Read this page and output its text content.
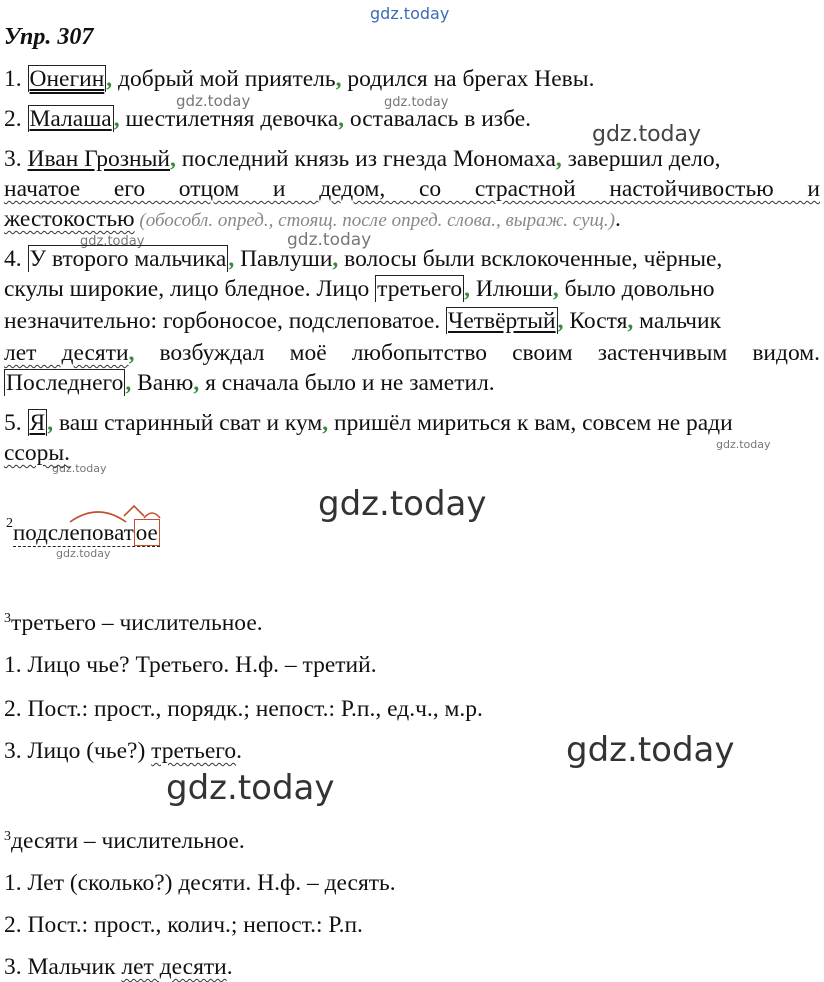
gdz.today
gdz.today	gdz.today
gdz.today
gdz.today	gdz.today
gdz.today
gdz.today
gdz.today
gdz.today
gdz.today
gdz.today
Упр. 307
1. Онегин, добрый мой приятель, родился на брегах Невы.
2. Малаша, шестилетняя девочка, оставалась в избе.
3. Иван Грозный, последний князь из гнезда Мономаха, завершил дело,
начатое его отцом и дедом, со страстной настойчивостью и
жестокостью (обособл. опред., стоящ. после опред. слова., выраж. сущ.).
4. У второго мальчика, Павлуши, волосы были всклокоченные, чёрные,
скулы широкие, лицо бледное. Лицо третьего, Илюши, было довольно
незначительно: горбоносое, подслеповатое. Четвёртый, Костя, мальчик
лет десяти, возбуждал моё любопытство своим застенчивым видом.
Последнего, Ваню, я сначала было и не заметил.
5. Я, ваш старинный сват и кум, пришёл мириться к вам, совсем не ради
ссоры.
$^2$подслеповатое
$^3$третьего – числительное.
1. Лицо чье? Третьего. Н.ф. – третий.
2. Пост.: прост., порядк.; непост.: Р.п., ед.ч., м.р.
3. Лицо (чье?) третьего.
$^3$десяти – числительное.
1. Лет (сколько?) десяти. Н.ф. – десять.
2. Пост.: прост., колич.; непост.: Р.п.
3. Мальчик лет десяти.
